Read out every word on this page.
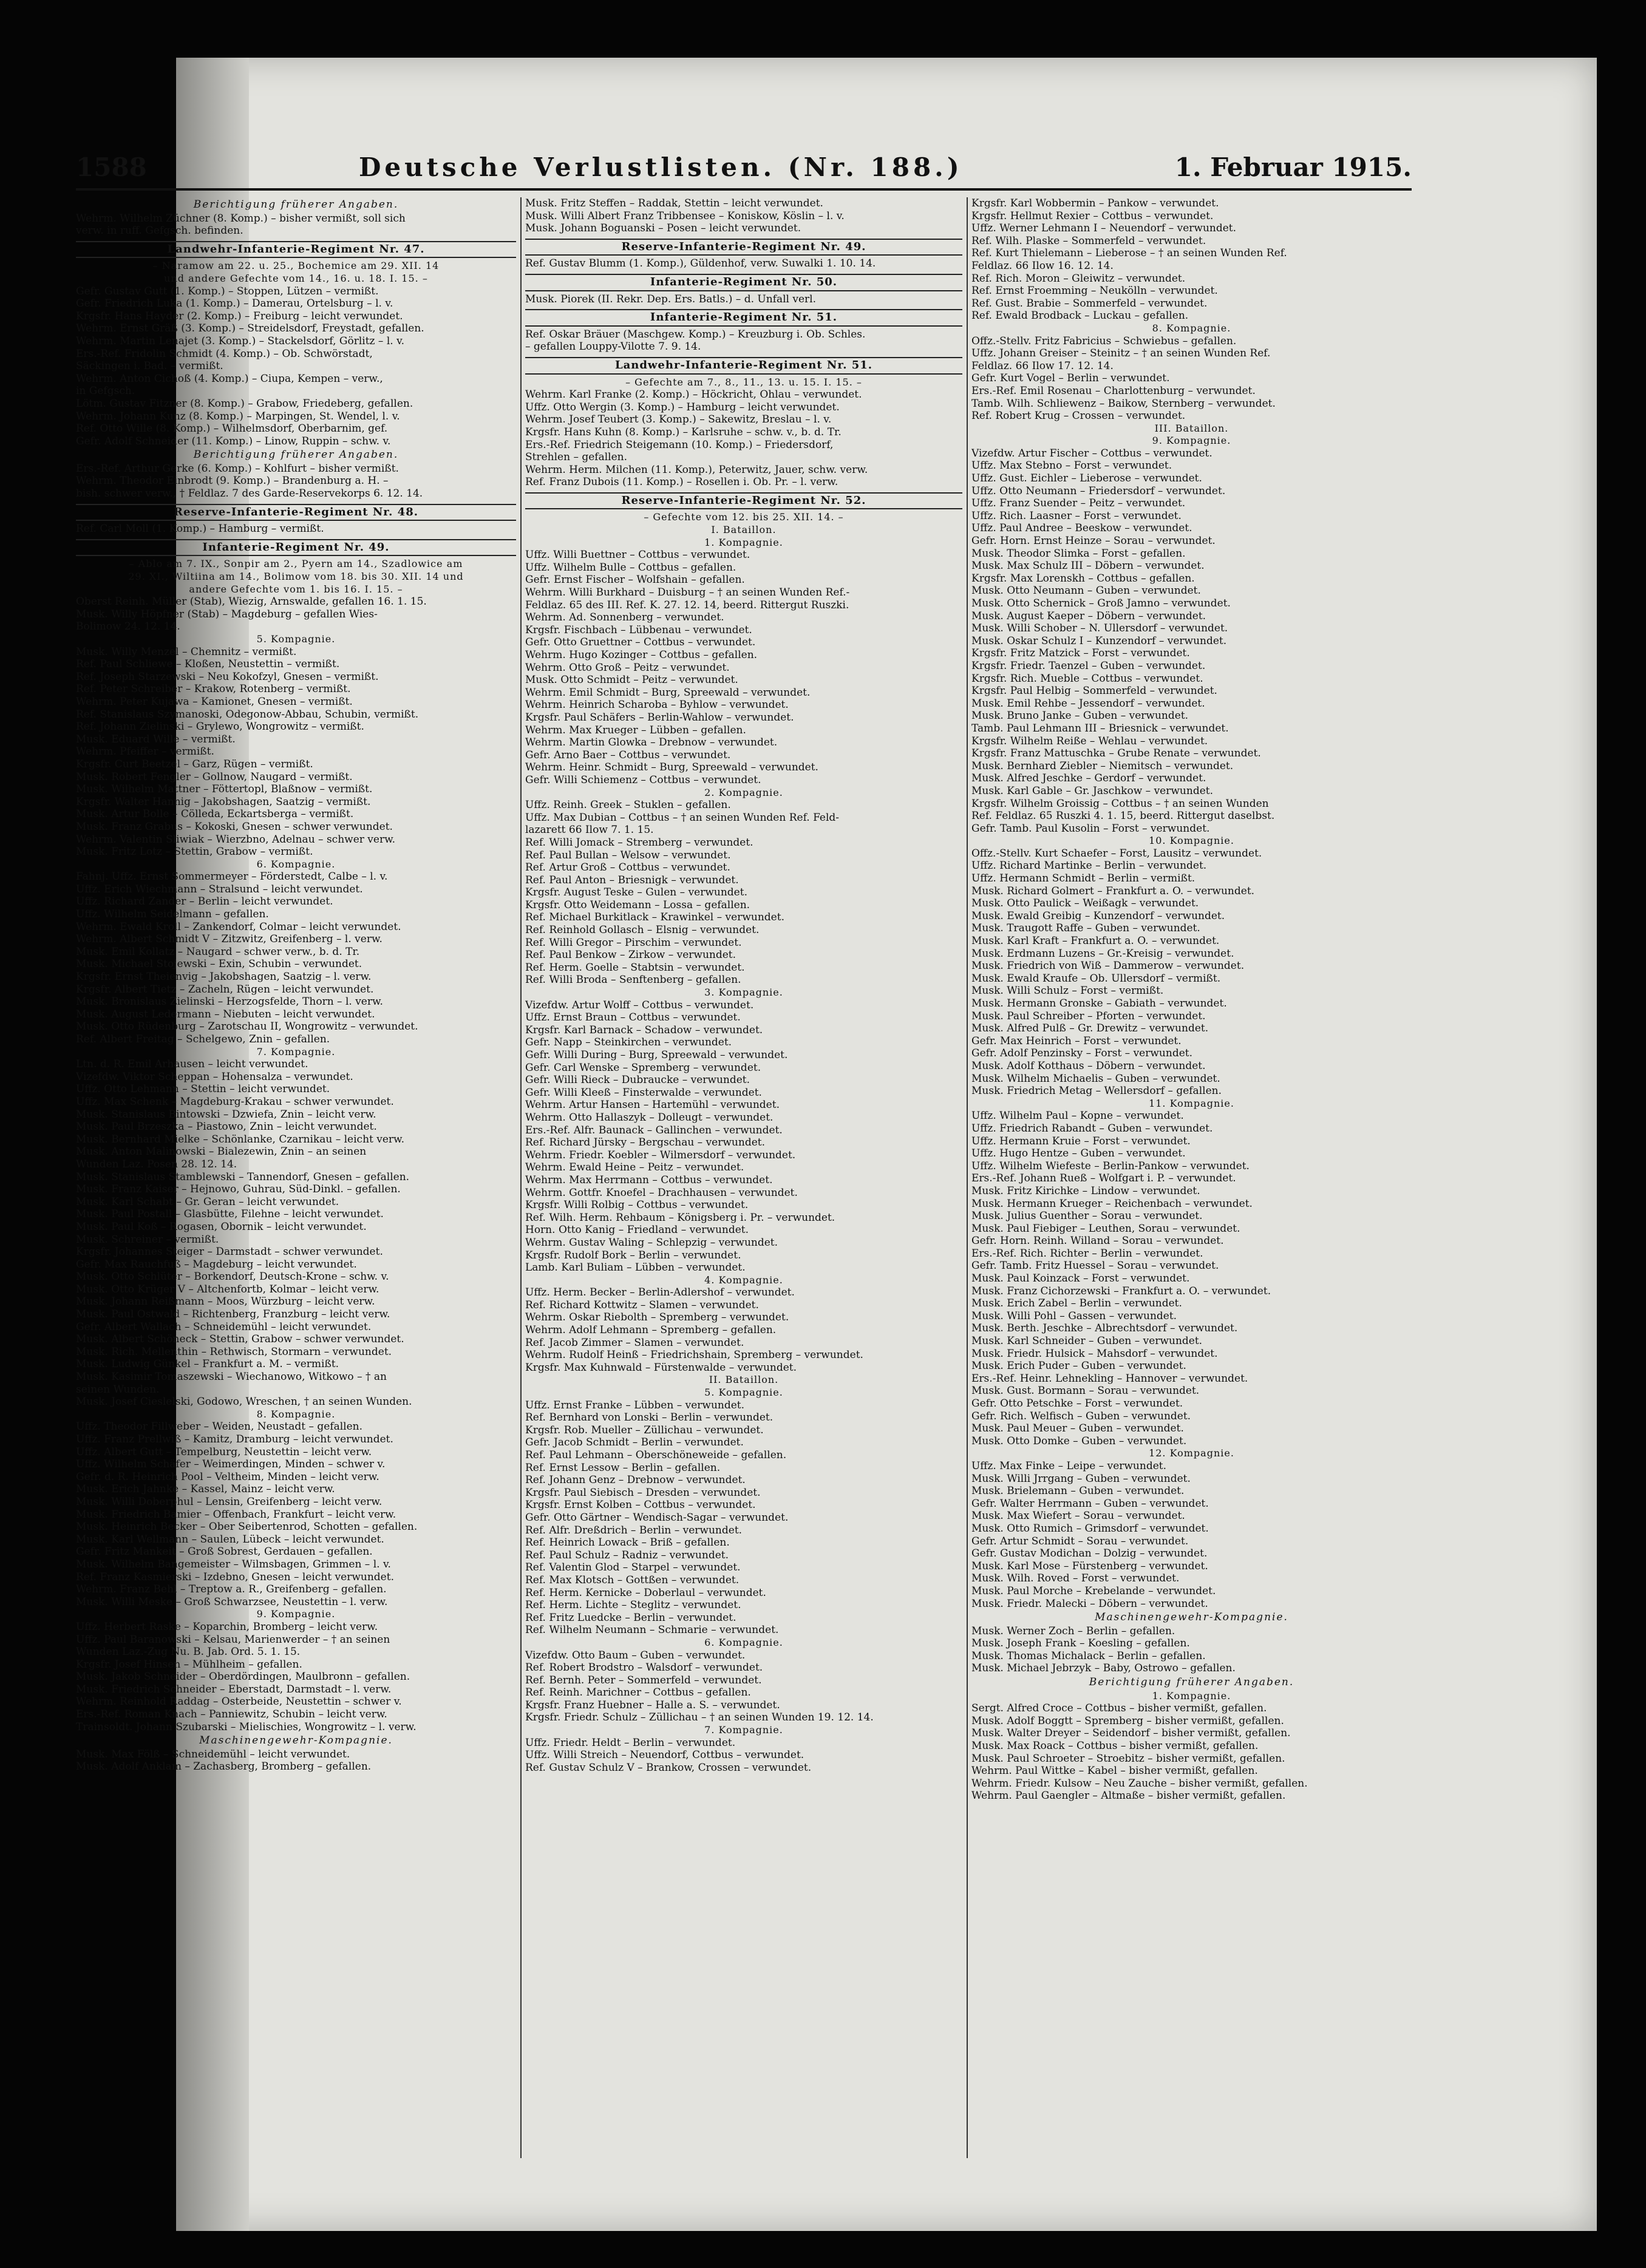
1588	Deutsche Verlustlisten. (Nr. 188.)	1. Februar 1915.
Berichtigung früherer Angaben.
Wehrm. Wilhelm Züchner (8. Komp.) – bisher vermißt, soll sich
verw. in ruff. Gefgsch. befinden.
Landwehr-Infanterie-Regiment Nr. 47.
– Naramow am 22. u. 25., Bochemice am 29. XII. 14
und andere Gefechte vom 14., 16. u. 18. I. 15. –
Gefr. Gustav Gutt (1. Komp.) – Stoppen, Lützen – vermißt.
Gefr. Friedrich Luka (1. Komp.) – Damerau, Ortelsburg – l. v.
Krgsfr. Hans Hayder (2. Komp.) – Freiburg – leicht verwundet.
Wehrm. Ernst Gräß (3. Komp.) – Streidelsdorf, Freystadt, gefallen.
Wehrm. Martin Lenajet (3. Komp.) – Stackelsdorf, Görlitz – l. v.
Ers.-Ref. Fridolin Schmidt (4. Komp.) – Ob. Schwörstadt,
Säckingen i. Bad. – vermißt.
Wehrm. Anton Cichoß (4. Komp.) – Ciupa, Kempen – verw.,
in Gefgsch.
Lötm. Gustav Fitzner (8. Komp.) – Grabow, Friedeberg, gefallen.
Wehrm. Johann Kunz (8. Komp.) – Marpingen, St. Wendel, l. v.
Ref. Otto Wille (8. Komp.) – Wilhelmsdorf, Oberbarnim, gef.
Gefr. Adolf Schneider (11. Komp.) – Linow, Ruppin – schw. v.
Berichtigung früherer Angaben.
Ers.-Ref. Arthur Gerke (6. Komp.) – Kohlfurt – bisher vermißt.
Wehrm. Theodor Einbrodt (9. Komp.) – Brandenburg a. H. –
bish. schwer verw., † Feldlaz. 7 des Garde-Reservekorps 6. 12. 14.
Reserve-Infanterie-Regiment Nr. 48.
Ref. Carl Moll (1. Komp.) – Hamburg – vermißt.
Infanterie-Regiment Nr. 49.
– Ablo am 7. IX., Sonpir am 2., Pyern am 14., Szadlowice am
29. XI., Wiltiina am 14., Bolimow vom 18. bis 30. XII. 14 und
andere Gefechte vom 1. bis 16. I. 15. –
Oberst Reinh. Müller (Stab), Wiezig, Arnswalde, gefallen 16. 1. 15.
Musk. Willy Höpfner (Stab) – Magdeburg – gefallen Wies-
Bolimow 24. 12. 14.
5. Kompagnie.
Musk. Willy Menzel – Chemnitz – vermißt.
Ref. Paul Schliewe – Kloßen, Neustettin – vermißt.
Ref. Joseph Starzewski – Neu Kokofzyl, Gnesen – vermißt.
Ref. Peter Schreiber – Krakow, Rotenberg – vermißt.
Wehrm. Peter Kujawa – Kamionet, Gnesen – vermißt.
Ref. Stanislaus Szymanoski, Odegonow-Abbau, Schubin, vermißt.
Ref. Johann Zielinski – Grylewo, Wongrowitz – vermißt.
Musk. Eduard Wille – vermißt.
Wehrm. Pfeiffer – vermißt.
Krgsfr. Curt Beetzel – Garz, Rügen – vermißt.
Musk. Robert Fengler – Gollnow, Naugard – vermißt.
Musk. Wilhelm Mattner – Föttertopl, Blaßnow – vermißt.
Krgsfr. Walter Hannig – Jakobshagen, Saatzig – vermißt.
Musk. Artur Bolle – Cölleda, Eckartsberga – vermißt.
Musk. Franz Grabus – Kokoski, Gnesen – schwer verwundet.
Wehrm. Valentin Sliwiak – Wierzbno, Adelnau – schwer verw.
Musk. Fritz Lotz – Stettin, Grabow – vermißt.
6. Kompagnie.
Fahnj. Uffz. Ernst Sommermeyer – Förderstedt, Calbe – l. v.
Uffz. Erich Wiechmann – Stralsund – leicht verwundet.
Uffz. Richard Zander – Berlin – leicht verwundet.
Uffz. Wilhelm Seidelmann – gefallen.
Wehrm. Ewald Kroll – Zankendorf, Colmar – leicht verwundet.
Wehrm. Albert Schmidt V – Zitzwitz, Greifenberg – l. verw.
Musk. Emil Kollatz – Naugard – schwer verw., b. d. Tr.
Musk. Michael Stojewski – Exin, Schubin – verwundet.
Krgsfr. Ernst Theienvig – Jakobshagen, Saatzig – l. verw.
Krgsfr. Albert Tietz – Zacheln, Rügen – leicht verwundet.
Musk. Bronislaus Zielinski – Herzogsfelde, Thorn – l. verw.
Musk. August Ledermann – Niebuten – leicht verwundet.
Musk. Otto Rüdenburg – Zarotschau II, Wongrowitz – verwundet.
Ref. Albert Freitag – Schelgewo, Znin – gefallen.
7. Kompagnie.
Ltn. d. R. Emil Arhausen – leicht verwundet.
Vizefdw. Viktor Scheppan – Hohensalza – verwundet.
Uffz. Otto Lehmann – Stettin – leicht verwundet.
Uffz. Max Schenk – Magdeburg-Krakau – schwer verwundet.
Musk. Stanislaus Bintowski – Dzwiefa, Znin – leicht verw.
Musk. Paul Brzeszka – Piastowo, Znin – leicht verwundet.
Musk. Bernhard Mielke – Schönlanke, Czarnikau – leicht verw.
Musk. Anton Malinowski – Bialezewin, Znin – an seinen
Wunden Laz. Posen 28. 12. 14.
Musk. Stanislaus Stamblewski – Tannendorf, Gnesen – gefallen.
Musk. Franz Kaiser – Hejnowo, Guhrau, Süd-Dinkl. – gefallen.
Musk. Karl Schabt – Gr. Geran – leicht verwundet.
Musk. Paul Postall – Glasbütte, Filehne – leicht verwundet.
Musk. Paul Koß – Rogasen, Obornik – leicht verwundet.
Musk. Schreiner – vermißt.
Krgsfr. Johannes Steiger – Darmstadt – schwer verwundet.
Gefr. Max Rauchfuß – Magdeburg – leicht verwundet.
Musk. Otto Schlüter – Borkendorf, Deutsch-Krone – schw. v.
Musk. Otto Krüger V – Altchenfortb, Kolmar – leicht verw.
Musk. Johann Reißmann – Moos, Würzburg – leicht verw.
Musk. Paul Ostwald – Richtenberg, Franzburg – leicht verw.
Gefr. Albert Wallach – Schneidemühl – leicht verwundet.
Musk. Albert Schöneck – Stettin, Grabow – schwer verwundet.
Musk. Rich. Mellenthin – Rethwisch, Stormarn – verwundet.
Musk. Ludwig Günkel – Frankfurt a. M. – vermißt.
Musk. Kasimir Tomaszewski – Wiechanowo, Witkowo – † an
seinen Wunden.
Musk. Josef Cieslelski, Godowo, Wreschen, † an seinen Wunden.
8. Kompagnie.
Uffz. Theodor Fillweber – Weiden, Neustadt – gefallen.
Uffz. Franz Prellwiß – Kamitz, Dramburg – leicht verwundet.
Uffz. Albert Gutt – Tempelburg, Neustettin – leicht verw.
Uffz. Wilhelm Schäfer – Weimerdingen, Minden – schwer v.
Gefr. d. R. Heinrich Pool – Veltheim, Minden – leicht verw.
Musk. Erich Jahnke – Kassel, Mainz – leicht verw.
Musk. Willi Doberphul – Lensin, Greifenberg – leicht verw.
Musk. Friedrich Bamier – Offenbach, Frankfurt – leicht verw.
Musk. Heinrich Becker – Ober Seibertenrod, Schotten – gefallen.
Musk. Karl Wellmann – Saulen, Lübeck – leicht verwundet.
Gefr. Fritz Mankeit – Groß Sobrest, Gerdauen – gefallen.
Musk. Wilhelm Bangemeister – Wilmsbagen, Grimmen – l. v.
Ref. Franz Kasmierski – Izdebno, Gnesen – leicht verwundet.
Wehrm. Franz Behl – Treptow a. R., Greifenberg – gefallen.
Musk. Willi Meske – Groß Schwarzsee, Neustettin – l. verw.
9. Kompagnie.
Uffz. Herbert Raske – Koparchin, Bromberg – leicht verw.
Uffz. Paul Baranowski – Kelsau, Marienwerder – † an seinen
Wunden Laz.-Zug Nu. B. Jab. Ord. 5. 1. 15.
Krgsfr. Josef Hinsen – Mühlheim – gefallen.
Musk. Jakob Schneider – Oberdördingen, Maulbronn – gefallen.
Musk. Friedrich Schneider – Eberstadt, Darmstadt – l. verw.
Wehrm. Reinhold Raddag – Osterbeide, Neustettin – schwer v.
Ers.-Ref. Roman Knach – Panniewitz, Schubin – leicht verw.
Trainsoldt. Johann Szubarski – Mielischies, Wongrowitz – l. verw.
Maschinengewehr-Kompagnie.
Musk. Max Fölß – Schneidemühl – leicht verwundet.
Musk. Adolf Anklam – Zachasberg, Bromberg – gefallen.
Musk. Fritz Steffen – Raddak, Stettin – leicht verwundet.
Musk. Willi Albert Franz Tribbensee – Koniskow, Köslin – l. v.
Musk. Johann Boguanski – Posen – leicht verwundet.
Reserve-Infanterie-Regiment Nr. 49.
Ref. Gustav Blumm (1. Komp.), Güldenhof, verw. Suwalki 1. 10. 14.
Infanterie-Regiment Nr. 50.
Musk. Piorek (II. Rekr. Dep. Ers. Batls.) – d. Unfall verl.
Infanterie-Regiment Nr. 51.
Ref. Oskar Bräuer (Maschgew. Komp.) – Kreuzburg i. Ob. Schles.
– gefallen Louppy-Vilotte 7. 9. 14.
Landwehr-Infanterie-Regiment Nr. 51.
– Gefechte am 7., 8., 11., 13. u. 15. I. 15. –
Wehrm. Karl Franke (2. Komp.) – Höckricht, Ohlau – verwundet.
Uffz. Otto Wergin (3. Komp.) – Hamburg – leicht verwundet.
Wehrm. Josef Teubert (3. Komp.) – Sakewitz, Breslau – l. v.
Krgsfr. Hans Kuhn (8. Komp.) – Karlsruhe – schw. v., b. d. Tr.
Ers.-Ref. Friedrich Steigemann (10. Komp.) – Friedersdorf,
Strehlen – gefallen.
Wehrm. Herm. Milchen (11. Komp.), Peterwitz, Jauer, schw. verw.
Ref. Franz Dubois (11. Komp.) – Rosellen i. Ob. Pr. – l. verw.
Reserve-Infanterie-Regiment Nr. 52.
– Gefechte vom 12. bis 25. XII. 14. –
I. Bataillon.
1. Kompagnie.
Uffz. Willi Buettner – Cottbus – verwundet.
Uffz. Wilhelm Bulle – Cottbus – gefallen.
Gefr. Ernst Fischer – Wolfshain – gefallen.
Wehrm. Willi Burkhard – Duisburg – † an seinen Wunden Ref.-
Feldlaz. 65 des III. Ref. K. 27. 12. 14, beerd. Rittergut Ruszki.
Wehrm. Ad. Sonnenberg – verwundet.
Krgsfr. Fischbach – Lübbenau – verwundet.
Gefr. Otto Gruettner – Cottbus – verwundet.
Wehrm. Hugo Kozinger – Cottbus – gefallen.
Wehrm. Otto Groß – Peitz – verwundet.
Musk. Otto Schmidt – Peitz – verwundet.
Wehrm. Emil Schmidt – Burg, Spreewald – verwundet.
Wehrm. Heinrich Scharoba – Byhlow – verwundet.
Krgsfr. Paul Schäfers – Berlin-Wahlow – verwundet.
Wehrm. Max Krueger – Lübben – gefallen.
Wehrm. Martin Glowka – Drebnow – verwundet.
Gefr. Arno Baer – Cottbus – verwundet.
Wehrm. Heinr. Schmidt – Burg, Spreewald – verwundet.
Gefr. Willi Schiemenz – Cottbus – verwundet.
2. Kompagnie.
Uffz. Reinh. Greek – Stuklen – gefallen.
Uffz. Max Dubian – Cottbus – † an seinen Wunden Ref. Feld-
lazarett 66 Ilow 7. 1. 15.
Ref. Willi Jomack – Stremberg – verwundet.
Ref. Paul Bullan – Welsow – verwundet.
Ref. Artur Groß – Cottbus – verwundet.
Ref. Paul Anton – Briesnigk – verwundet.
Krgsfr. August Teske – Gulen – verwundet.
Krgsfr. Otto Weidemann – Lossa – gefallen.
Ref. Michael Burkitlack – Krawinkel – verwundet.
Ref. Reinhold Gollasch – Elsnig – verwundet.
Ref. Willi Gregor – Pirschim – verwundet.
Ref. Paul Benkow – Zirkow – verwundet.
Ref. Herm. Goelle – Stabtsin – verwundet.
Ref. Willi Broda – Senftenberg – gefallen.
3. Kompagnie.
Vizefdw. Artur Wolff – Cottbus – verwundet.
Uffz. Ernst Braun – Cottbus – verwundet.
Krgsfr. Karl Barnack – Schadow – verwundet.
Gefr. Napp – Steinkirchen – verwundet.
Gefr. Willi During – Burg, Spreewald – verwundet.
Gefr. Carl Wenske – Spremberg – verwundet.
Gefr. Willi Rieck – Dubraucke – verwundet.
Gefr. Willi Kleeß – Finsterwalde – verwundet.
Wehrm. Artur Hansen – Hartemühl – verwundet.
Wehrm. Otto Hallaszyk – Dolleugt – verwundet.
Ers.-Ref. Alfr. Baunack – Gallinchen – verwundet.
Ref. Richard Jürsky – Bergschau – verwundet.
Wehrm. Friedr. Koebler – Wilmersdorf – verwundet.
Wehrm. Ewald Heine – Peitz – verwundet.
Wehrm. Max Herrmann – Cottbus – verwundet.
Wehrm. Gottfr. Knoefel – Drachhausen – verwundet.
Krgsfr. Willi Rolbig – Cottbus – verwundet.
Ref. Wilh. Herm. Rehbaum – Königsberg i. Pr. – verwundet.
Horn. Otto Kanig – Friedland – verwundet.
Wehrm. Gustav Waling – Schlepzig – verwundet.
Krgsfr. Rudolf Bork – Berlin – verwundet.
Lamb. Karl Buliam – Lübben – verwundet.
4. Kompagnie.
Uffz. Herm. Becker – Berlin-Adlershof – verwundet.
Ref. Richard Kottwitz – Slamen – verwundet.
Wehrm. Oskar Riebolth – Spremberg – verwundet.
Wehrm. Adolf Lehmann – Spremberg – gefallen.
Ref. Jacob Zimmer – Slamen – verwundet.
Wehrm. Rudolf Heinß – Friedrichshain, Spremberg – verwundet.
Krgsfr. Max Kuhnwald – Fürstenwalde – verwundet.
II. Bataillon.
5. Kompagnie.
Uffz. Ernst Franke – Lübben – verwundet.
Ref. Bernhard von Lonski – Berlin – verwundet.
Krgsfr. Rob. Mueller – Züllichau – verwundet.
Gefr. Jacob Schmidt – Berlin – verwundet.
Ref. Paul Lehmann – Oberschöneweide – gefallen.
Ref. Ernst Lessow – Berlin – gefallen.
Ref. Johann Genz – Drebnow – verwundet.
Krgsfr. Paul Siebisch – Dresden – verwundet.
Krgsfr. Ernst Kolben – Cottbus – verwundet.
Gefr. Otto Gärtner – Wendisch-Sagar – verwundet.
Ref. Alfr. Dreßdrich – Berlin – verwundet.
Ref. Heinrich Lowack – Briß – gefallen.
Ref. Paul Schulz – Radniz – verwundet.
Ref. Valentin Glod – Starpel – verwundet.
Ref. Max Klotsch – Gottßen – verwundet.
Ref. Herm. Kernicke – Doberlaul – verwundet.
Ref. Herm. Lichte – Steglitz – verwundet.
Ref. Fritz Luedcke – Berlin – verwundet.
Ref. Wilhelm Neumann – Schmarie – verwundet.
6. Kompagnie.
Vizefdw. Otto Baum – Guben – verwundet.
Ref. Robert Brodstro – Walsdorf – verwundet.
Ref. Bernh. Peter – Sommerfeld – verwundet.
Ref. Reinh. Marichner – Cottbus – gefallen.
Krgsfr. Franz Huebner – Halle a. S. – verwundet.
Krgsfr. Friedr. Schulz – Züllichau – † an seinen Wunden 19. 12. 14.
7. Kompagnie.
Uffz. Friedr. Heldt – Berlin – verwundet.
Uffz. Willi Streich – Neuendorf, Cottbus – verwundet.
Ref. Gustav Schulz V – Brankow, Crossen – verwundet.
Krgsfr. Karl Wobbermin – Pankow – verwundet.
Krgsfr. Hellmut Rexier – Cottbus – verwundet.
Uffz. Werner Lehmann I – Neuendorf – verwundet.
Ref. Wilh. Plaske – Sommerfeld – verwundet.
Ref. Kurt Thielemann – Lieberose – † an seinen Wunden Ref.
Feldlaz. 66 Ilow 16. 12. 14.
Ref. Rich. Moron – Gleiwitz – verwundet.
Ref. Ernst Froemming – Neukölln – verwundet.
Ref. Gust. Brabie – Sommerfeld – verwundet.
Ref. Ewald Brodback – Luckau – gefallen.
8. Kompagnie.
Offz.-Stellv. Fritz Fabricius – Schwiebus – gefallen.
Uffz. Johann Greiser – Steinitz – † an seinen Wunden Ref.
Feldlaz. 66 Ilow 17. 12. 14.
Gefr. Kurt Vogel – Berlin – verwundet.
Ers.-Ref. Emil Rosenau – Charlottenburg – verwundet.
Tamb. Wilh. Schliewenz – Baikow, Sternberg – verwundet.
Ref. Robert Krug – Crossen – verwundet.
III. Bataillon.
9. Kompagnie.
Vizefdw. Artur Fischer – Cottbus – verwundet.
Uffz. Max Stebno – Forst – verwundet.
Uffz. Gust. Eichler – Lieberose – verwundet.
Uffz. Otto Neumann – Friedersdorf – verwundet.
Uffz. Franz Suender – Peitz – verwundet.
Uffz. Rich. Laasner – Forst – verwundet.
Uffz. Paul Andree – Beeskow – verwundet.
Gefr. Horn. Ernst Heinze – Sorau – verwundet.
Musk. Theodor Slimka – Forst – gefallen.
Musk. Max Schulz III – Döbern – verwundet.
Krgsfr. Max Lorenskh – Cottbus – gefallen.
Musk. Otto Neumann – Guben – verwundet.
Musk. Otto Schernick – Groß Jamno – verwundet.
Musk. August Kaeper – Döbern – verwundet.
Musk. Willi Schober – N. Ullersdorf – verwundet.
Musk. Oskar Schulz I – Kunzendorf – verwundet.
Krgsfr. Fritz Matzick – Forst – verwundet.
Krgsfr. Friedr. Taenzel – Guben – verwundet.
Krgsfr. Rich. Mueble – Cottbus – verwundet.
Krgsfr. Paul Helbig – Sommerfeld – verwundet.
Musk. Emil Rehbe – Jessendorf – verwundet.
Musk. Bruno Janke – Guben – verwundet.
Tamb. Paul Lehmann III – Briesnick – verwundet.
Krgsfr. Wilhelm Reiße – Wehlau – verwundet.
Krgsfr. Franz Mattuschka – Grube Renate – verwundet.
Musk. Bernhard Ziebler – Niemitsch – verwundet.
Musk. Alfred Jeschke – Gerdorf – verwundet.
Musk. Karl Gable – Gr. Jaschkow – verwundet.
Krgsfr. Wilhelm Groissig – Cottbus – † an seinen Wunden
Ref. Feldlaz. 65 Ruszki 4. 1. 15, beerd. Rittergut daselbst.
Gefr. Tamb. Paul Kusolin – Forst – verwundet.
10. Kompagnie.
Offz.-Stellv. Kurt Schaefer – Forst, Lausitz – verwundet.
Uffz. Richard Martinke – Berlin – verwundet.
Uffz. Hermann Schmidt – Berlin – vermißt.
Musk. Richard Golmert – Frankfurt a. O. – verwundet.
Musk. Otto Paulick – Weißagk – verwundet.
Musk. Ewald Greibig – Kunzendorf – verwundet.
Musk. Traugott Raffe – Guben – verwundet.
Musk. Karl Kraft – Frankfurt a. O. – verwundet.
Musk. Erdmann Luzens – Gr.-Kreisig – verwundet.
Musk. Friedrich von Wiß – Dammerow – verwundet.
Musk. Ewald Kraufe – Ob. Ullersdorf – vermißt.
Musk. Willi Schulz – Forst – vermißt.
Musk. Hermann Gronske – Gabiath – verwundet.
Musk. Paul Schreiber – Pforten – verwundet.
Musk. Alfred Pulß – Gr. Drewitz – verwundet.
Gefr. Max Heinrich – Forst – verwundet.
Gefr. Adolf Penzinsky – Forst – verwundet.
Musk. Adolf Kotthaus – Döbern – verwundet.
Musk. Wilhelm Michaelis – Guben – verwundet.
Musk. Friedrich Metag – Wellersdorf – gefallen.
11. Kompagnie.
Uffz. Wilhelm Paul – Kopne – verwundet.
Uffz. Friedrich Rabandt – Guben – verwundet.
Uffz. Hermann Kruie – Forst – verwundet.
Uffz. Hugo Hentze – Guben – verwundet.
Uffz. Wilhelm Wiefeste – Berlin-Pankow – verwundet.
Ers.-Ref. Johann Rueß – Wolfgart i. P. – verwundet.
Musk. Fritz Kirichke – Lindow – verwundet.
Musk. Hermann Krueger – Reichenbach – verwundet.
Musk. Julius Guenther – Sorau – verwundet.
Musk. Paul Fiebiger – Leuthen, Sorau – verwundet.
Gefr. Horn. Reinh. Willand – Sorau – verwundet.
Ers.-Ref. Rich. Richter – Berlin – verwundet.
Gefr. Tamb. Fritz Huessel – Sorau – verwundet.
Musk. Paul Koinzack – Forst – verwundet.
Musk. Franz Cichorzewski – Frankfurt a. O. – verwundet.
Musk. Erich Zabel – Berlin – verwundet.
Musk. Willi Pohl – Gassen – verwundet.
Musk. Berth. Jeschke – Albrechtsdorf – verwundet.
Musk. Karl Schneider – Guben – verwundet.
Musk. Friedr. Hulsick – Mahsdorf – verwundet.
Musk. Erich Puder – Guben – verwundet.
Ers.-Ref. Heinr. Lehnekling – Hannover – verwundet.
Musk. Gust. Bormann – Sorau – verwundet.
Gefr. Otto Petschke – Forst – verwundet.
Gefr. Rich. Welfisch – Guben – verwundet.
Musk. Paul Meuer – Guben – verwundet.
Musk. Otto Domke – Guben – verwundet.
12. Kompagnie.
Uffz. Max Finke – Leipe – verwundet.
Musk. Willi Jrrgang – Guben – verwundet.
Musk. Brielemann – Guben – verwundet.
Gefr. Walter Herrmann – Guben – verwundet.
Musk. Max Wiefert – Sorau – verwundet.
Musk. Otto Rumich – Grimsdorf – verwundet.
Gefr. Artur Schmidt – Sorau – verwundet.
Gefr. Gustav Modichan – Dolzig – verwundet.
Musk. Karl Mose – Fürstenberg – verwundet.
Musk. Wilh. Roved – Forst – verwundet.
Musk. Paul Morche – Krebelande – verwundet.
Musk. Friedr. Malecki – Döbern – verwundet.
Maschinengewehr-Kompagnie.
Musk. Werner Zoch – Berlin – gefallen.
Musk. Joseph Frank – Koesling – gefallen.
Musk. Thomas Michalack – Berlin – gefallen.
Musk. Michael Jebrzyk – Baby, Ostrowo – gefallen.
Berichtigung früherer Angaben.
1. Kompagnie.
Sergt. Alfred Croce – Cottbus – bisher vermißt, gefallen.
Musk. Adolf Boggtt – Spremberg – bisher vermißt, gefallen.
Musk. Walter Dreyer – Seidendorf – bisher vermißt, gefallen.
Musk. Max Roack – Cottbus – bisher vermißt, gefallen.
Musk. Paul Schroeter – Stroebitz – bisher vermißt, gefallen.
Wehrm. Paul Wittke – Kabel – bisher vermißt, gefallen.
Wehrm. Friedr. Kulsow – Neu Zauche – bisher vermißt, gefallen.
Wehrm. Paul Gaengler – Altmaße – bisher vermißt, gefallen.
